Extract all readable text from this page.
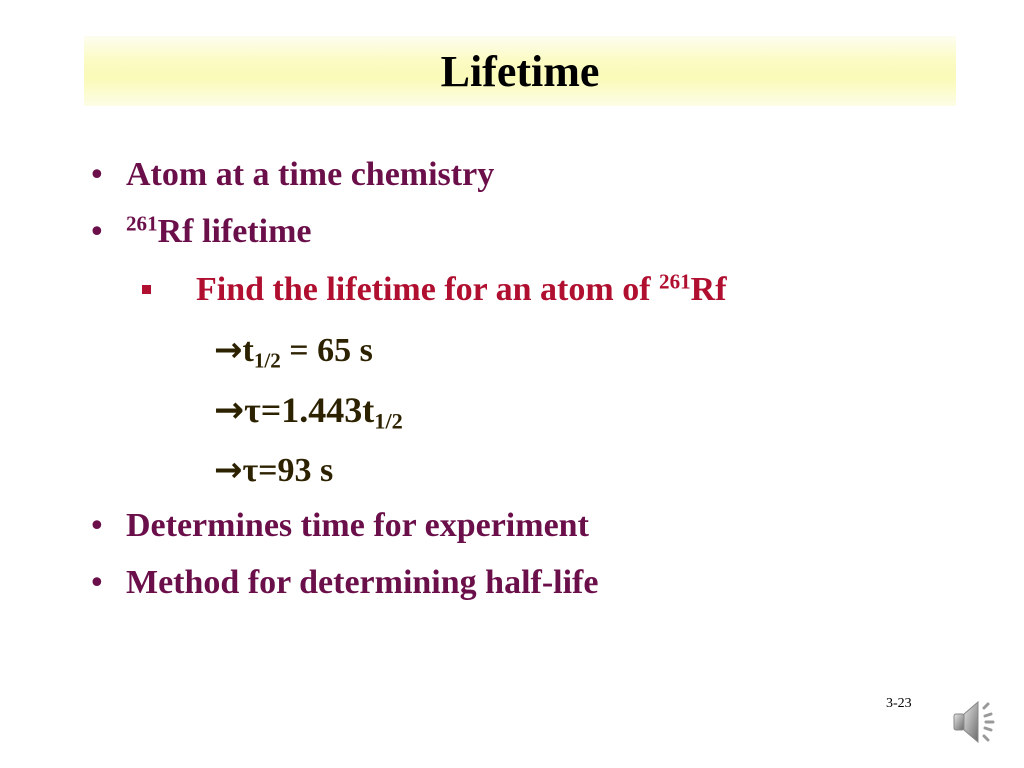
Lifetime
• Atom at a time chemistry
• $^{261}$Rf lifetime
Find the lifetime for an atom of $^{261}$Rf
$\to t_{1/2} = 65$ s
$\to\tau=1.443t_{1/2}$
→τ=93 s
• Determines time for experiment
• Method for determining half-life
3-23
